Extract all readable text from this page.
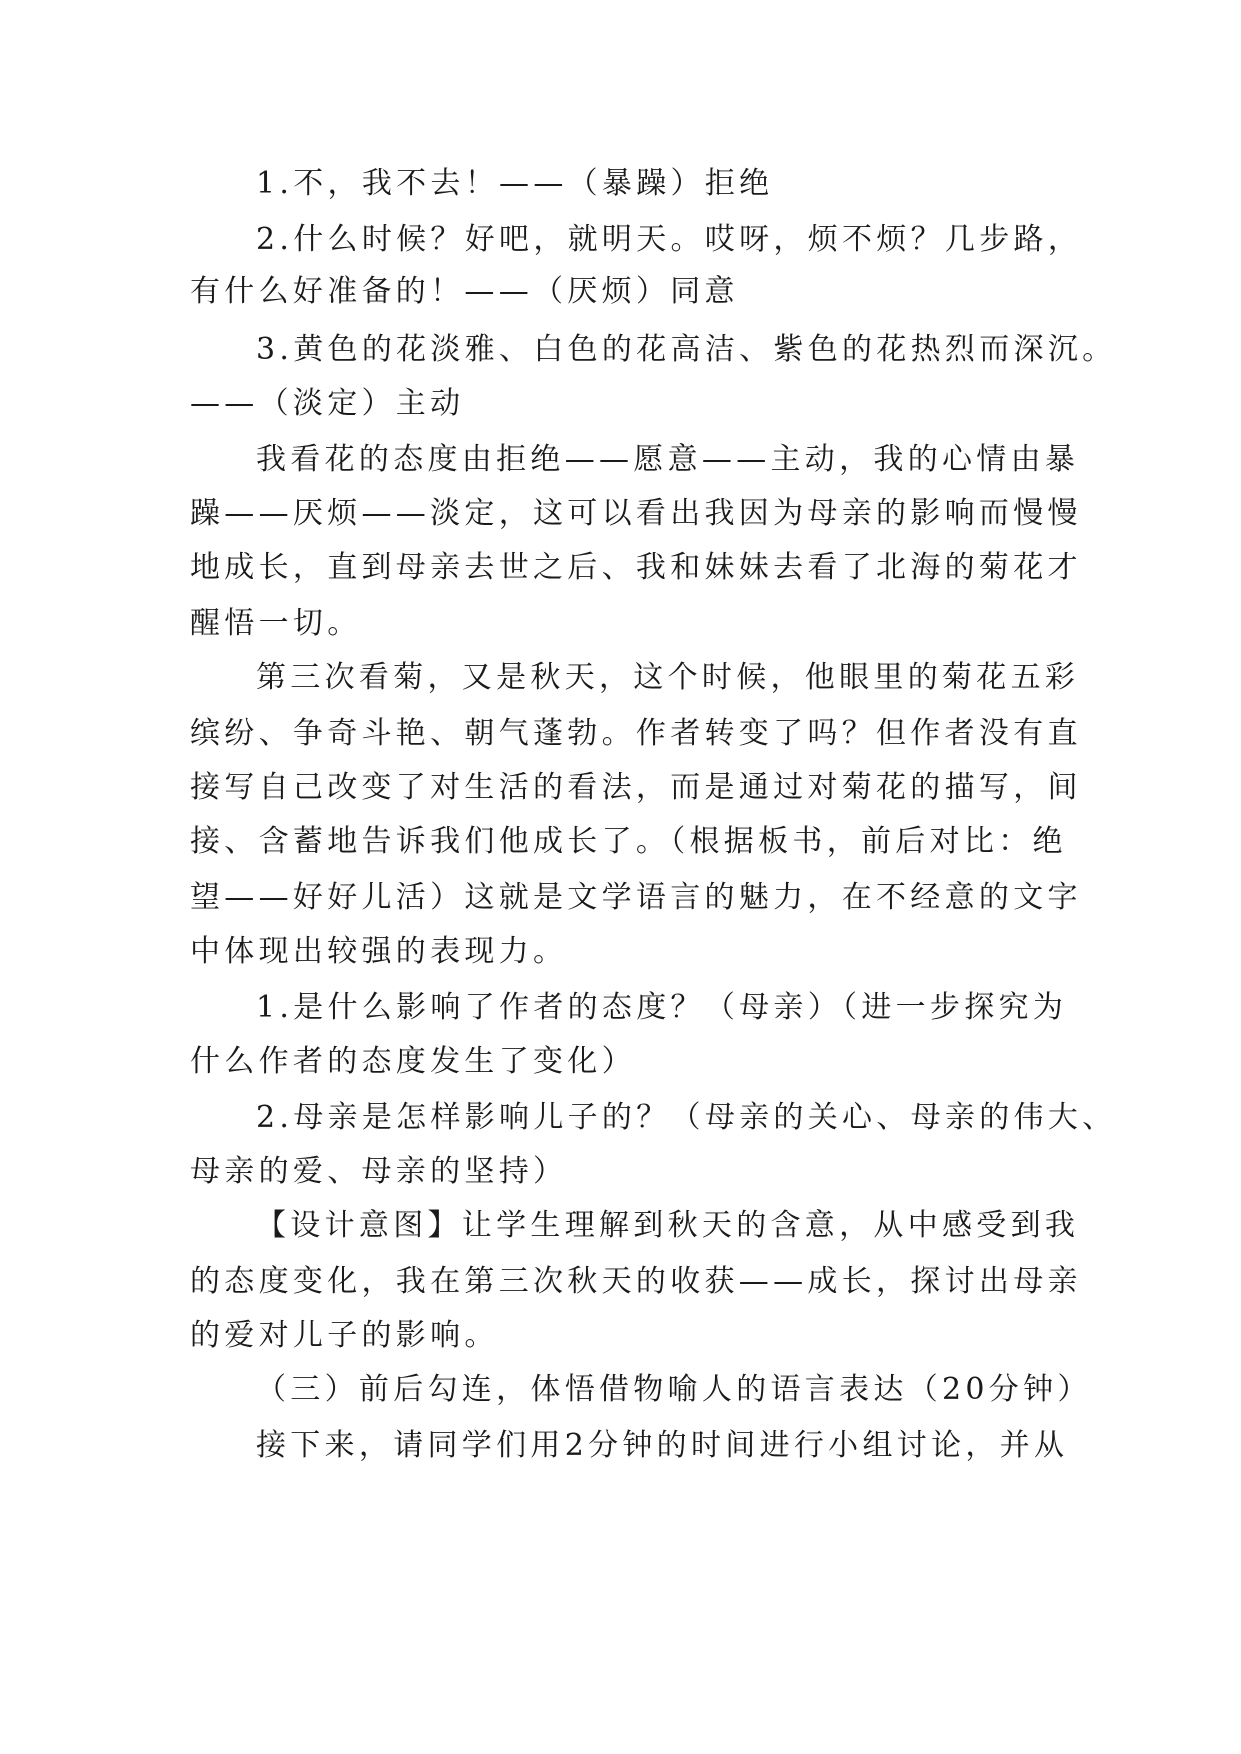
1.不，我不去！——（暴躁）拒绝
2.什么时候？好吧，就明天。哎呀，烦不烦？几步路，
有什么好准备的！——（厌烦）同意
3.黄色的花淡雅、白色的花高洁、紫色的花热烈而深沉。
——（淡定）主动
我看花的态度由拒绝——愿意——主动，我的心情由暴
躁——厌烦——淡定，这可以看出我因为母亲的影响而慢慢
地成长，直到母亲去世之后、我和妹妹去看了北海的菊花才
醒悟一切。
第三次看菊，又是秋天，这个时候，他眼里的菊花五彩
缤纷、争奇斗艳、朝气蓬勃。作者转变了吗？但作者没有直
接写自己改变了对生活的看法，而是通过对菊花的描写，间
接、含蓄地告诉我们他成长了。（根据板书，前后对比：绝
望——好好儿活）这就是文学语言的魅力，在不经意的文字
中体现出较强的表现力。
1.是什么影响了作者的态度？（母亲）（进一步探究为
什么作者的态度发生了变化）
2.母亲是怎样影响儿子的？（母亲的关心、母亲的伟大、
母亲的爱、母亲的坚持）
【设计意图】让学生理解到秋天的含意，从中感受到我
的态度变化，我在第三次秋天的收获——成长，探讨出母亲
的爱对儿子的影响。
（三）前后勾连，体悟借物喻人的语言表达（20分钟）
接下来，请同学们用2分钟的时间进行小组讨论，并从
